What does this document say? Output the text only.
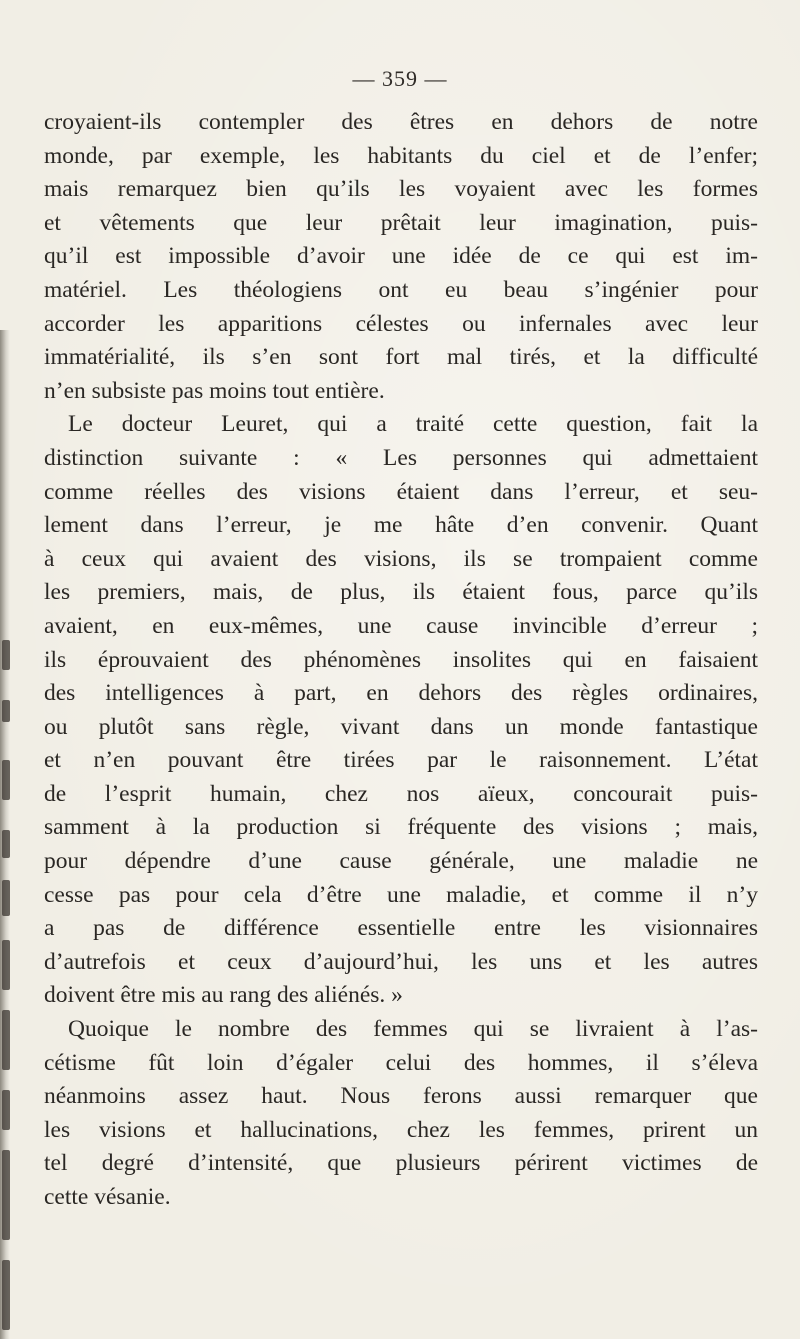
— 359 —
croyaient-ils contempler des êtres en dehors de notre
monde, par exemple, les habitants du ciel et de l’enfer;
mais remarquez bien qu’ils les voyaient avec les formes
et vêtements que leur prêtait leur imagination, puis-
qu’il est impossible d’avoir une idée de ce qui est im-
matériel. Les théologiens ont eu beau s’ingénier pour
accorder les apparitions célestes ou infernales avec leur
immatérialité, ils s’en sont fort mal tirés, et la difficulté
n’en subsiste pas moins tout entière.
Le docteur Leuret, qui a traité cette question, fait la
distinction suivante : « Les personnes qui admettaient
comme réelles des visions étaient dans l’erreur, et seu-
lement dans l’erreur, je me hâte d’en convenir. Quant
à ceux qui avaient des visions, ils se trompaient comme
les premiers, mais, de plus, ils étaient fous, parce qu’ils
avaient, en eux-mêmes, une cause invincible d’erreur ;
ils éprouvaient des phénomènes insolites qui en faisaient
des intelligences à part, en dehors des règles ordinaires,
ou plutôt sans règle, vivant dans un monde fantastique
et n’en pouvant être tirées par le raisonnement. L’état
de l’esprit humain, chez nos aïeux, concourait puis-
samment à la production si fréquente des visions ; mais,
pour dépendre d’une cause générale, une maladie ne
cesse pas pour cela d’être une maladie, et comme il n’y
a pas de différence essentielle entre les visionnaires
d’autrefois et ceux d’aujourd’hui, les uns et les autres
doivent être mis au rang des aliénés. »
Quoique le nombre des femmes qui se livraient à l’as-
cétisme fût loin d’égaler celui des hommes, il s’éleva
néanmoins assez haut. Nous ferons aussi remarquer que
les visions et hallucinations, chez les femmes, prirent un
tel degré d’intensité, que plusieurs périrent victimes de
cette vésanie.
